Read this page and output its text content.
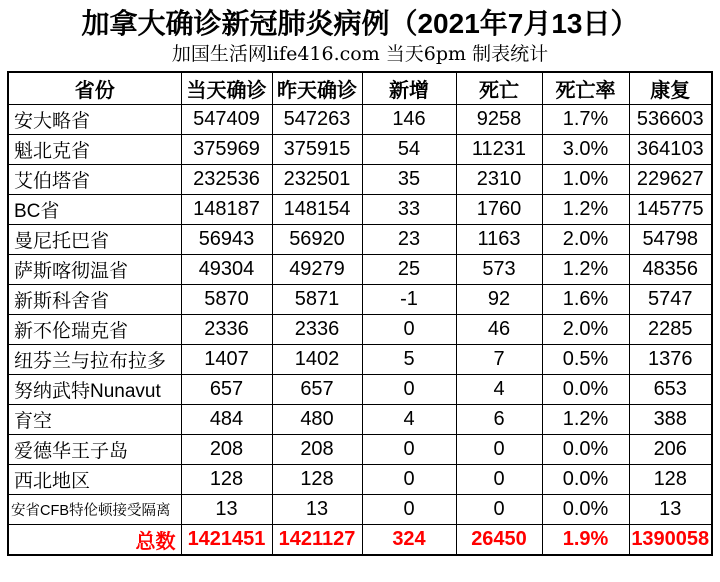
加拿大确诊新冠肺炎病例（2021年7月13日）
加国生活网life416.com 当天6pm 制表统计
省份	当天确诊	昨天确诊	新增	死亡	死亡率	康复
安大略省	547409	547263	146	9258	1.7%	536603
魁北克省	375969	375915	54	11231	3.0%	364103
艾伯塔省	232536	232501	35	2310	1.0%	229627
BC省	148187	148154	33	1760	1.2%	145775
曼尼托巴省	56943	56920	23	1163	2.0%	54798
萨斯喀彻温省	49304	49279	25	573	1.2%	48356
新斯科舍省	5870	5871	-1	92	1.6%	5747
新不伦瑞克省	2336	2336	0	46	2.0%	2285
纽芬兰与拉布拉多	1407	1402	5	7	0.5%	1376
努纳武特Nunavut	657	657	0	4	0.0%	653
育空	484	480	4	6	1.2%	388
爱德华王子岛	208	208	0	0	0.0%	206
西北地区	128	128	0	0	0.0%	128
安省CFB特伦顿接受隔离	13	13	0	0	0.0%	13
总数	1421451	1421127	324	26450	1.9%	1390058
